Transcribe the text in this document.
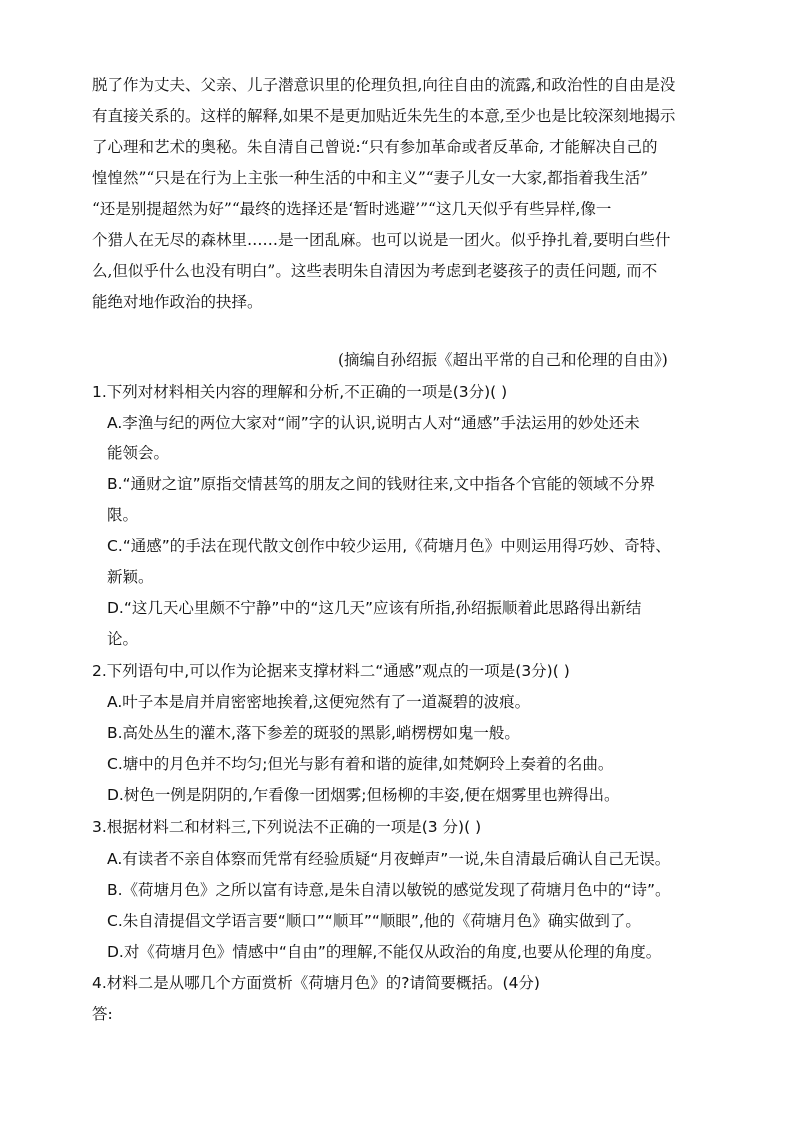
脱了作为丈夫、父亲、儿子潜意识里的伦理负担,向往自由的流露,和政治性的自由是没
有直接关系的。这样的解释,如果不是更加贴近朱先生的本意,至少也是比较深刻地揭示
了心理和艺术的奥秘。朱自清自己曾说:“只有参加革命或者反革命, 才能解决自己的
惶惶然”“只是在行为上主张一种生活的中和主义”“妻子儿女一大家,都指着我生活”
“还是别提超然为好”“最终的选择还是‘暂时逃避’”“这几天似乎有些异样,像一
个猎人在无尽的森林里……是一团乱麻。也可以说是一团火。似乎挣扎着,要明白些什
么,但似乎什么也没有明白”。这些表明朱自清因为考虑到老婆孩子的责任问题, 而不
能绝对地作政治的抉择。
(摘编自孙绍振《超出平常的自己和伦理的自由》)
1.下列对材料相关内容的理解和分析,不正确的一项是(3分)( )
A.李渔与纪的两位大家对“闹”字的认识,说明古人对“通感”手法运用的妙处还未
能领会。
B.“通财之谊”原指交情甚笃的朋友之间的钱财往来,文中指各个官能的领域不分界
限。
C.“通感”的手法在现代散文创作中较少运用,《荷塘月色》中则运用得巧妙、奇特、
新颖。
D.“这几天心里颇不宁静”中的“这几天”应该有所指,孙绍振顺着此思路得出新结
论。
2.下列语句中,可以作为论据来支撑材料二“通感”观点的一项是(3分)( )
A.叶子本是肩并肩密密地挨着,这便宛然有了一道凝碧的波痕。
B.高处丛生的灌木,落下参差的斑驳的黑影,峭楞楞如鬼一般。
C.塘中的月色并不均匀;但光与影有着和谐的旋律,如梵婀玲上奏着的名曲。
D.树色一例是阴阴的,乍看像一团烟雾;但杨柳的丰姿,便在烟雾里也辨得出。
3.根据材料二和材料三,下列说法不正确的一项是(3 分)( )
A.有读者不亲自体察而凭常有经验质疑“月夜蝉声”一说,朱自清最后确认自己无误。
B.《荷塘月色》之所以富有诗意,是朱自清以敏锐的感觉发现了荷塘月色中的“诗”。
C.朱自清提倡文学语言要“顺口”“顺耳”“顺眼”,他的《荷塘月色》确实做到了。
D.对《荷塘月色》情感中“自由”的理解,不能仅从政治的角度,也要从伦理的角度。
4.材料二是从哪几个方面赏析《荷塘月色》的?请简要概括。(4分)
答:
